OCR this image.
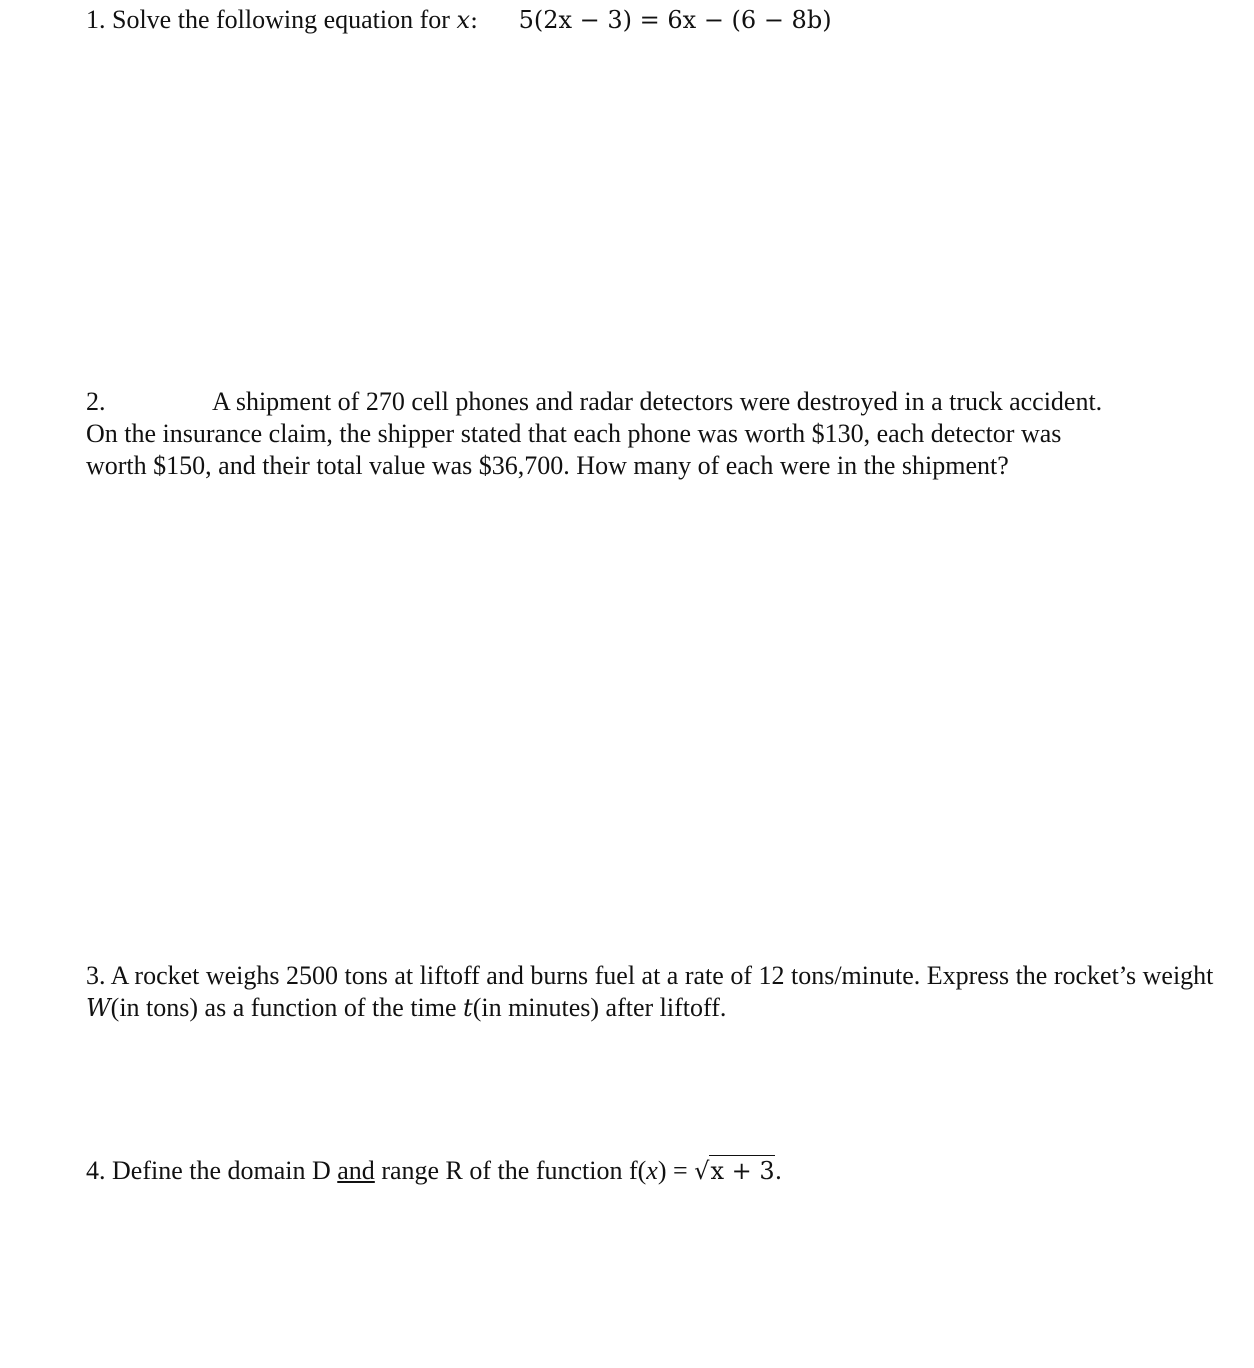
1. Solve the following equation for x: 5(2x − 3) = 6x − (6 − 8b)

2.	A shipment of 270 cell phones and radar detectors were destroyed in a truck accident.
On the insurance claim, the shipper stated that each phone was worth $130, each detector was
worth $150, and their total value was $36,700. How many of each were in the shipment?

3. A rocket weighs 2500 tons at liftoff and burns fuel at a rate of 12 tons/minute. Express the rocket’s weight W(in tons) as a function of the time t(in minutes) after liftoff.

4. Define the domain D and range R of the function f(x) = √x + 3.
